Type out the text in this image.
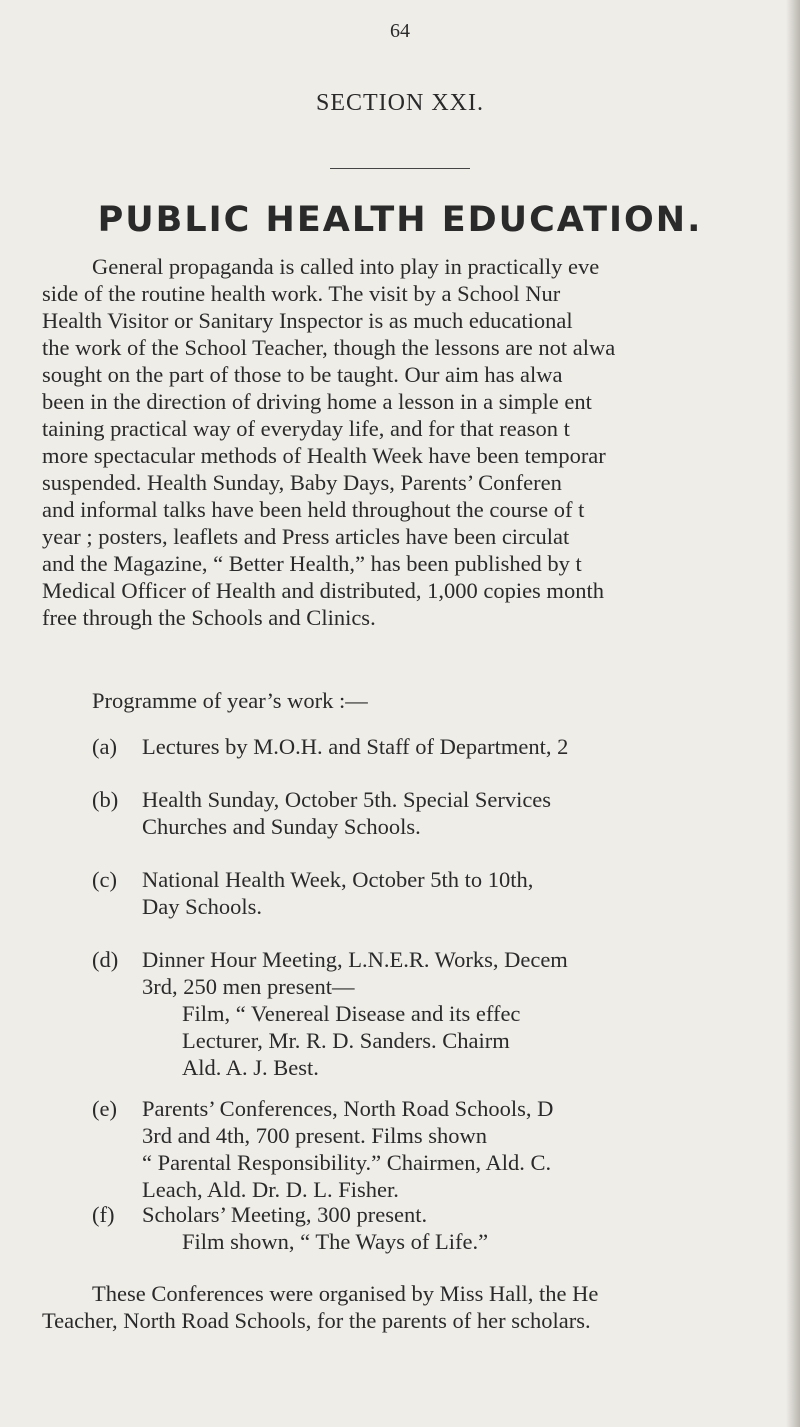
64
SECTION XXI.
PUBLIC HEALTH EDUCATION.
General propaganda is called into play in practically eve
side of the routine health work. The visit by a School Nur
Health Visitor or Sanitary Inspector is as much educational
the work of the School Teacher, though the lessons are not alwa
sought on the part of those to be taught. Our aim has alwa
been in the direction of driving home a lesson in a simple ent
taining practical way of everyday life, and for that reason t
more spectacular methods of Health Week have been temporar
suspended. Health Sunday, Baby Days, Parents’ Conferen
and informal talks have been held throughout the course of t
year ; posters, leaflets and Press articles have been circulat
and the Magazine, “ Better Health,” has been published by t
Medical Officer of Health and distributed, 1,000 copies month
free through the Schools and Clinics.
Programme of year’s work :—
(a) Lectures by M.O.H. and Staff of Department, 2
(b) Health Sunday, October 5th. Special Services
Churches and Sunday Schools.
(c) National Health Week, October 5th to 10th,
Day Schools.
(d) Dinner Hour Meeting, L.N.E.R. Works, Decem
3rd, 250 men present—
Film, “ Venereal Disease and its effec
Lecturer, Mr. R. D. Sanders. Chairm
Ald. A. J. Best.
(e) Parents’ Conferences, North Road Schools, D
3rd and 4th, 700 present. Films shown
“ Parental Responsibility.” Chairmen, Ald. C.
Leach, Ald. Dr. D. L. Fisher.
(f) Scholars’ Meeting, 300 present.
Film shown, “ The Ways of Life.”
These Conferences were organised by Miss Hall, the He
Teacher, North Road Schools, for the parents of her scholars.
